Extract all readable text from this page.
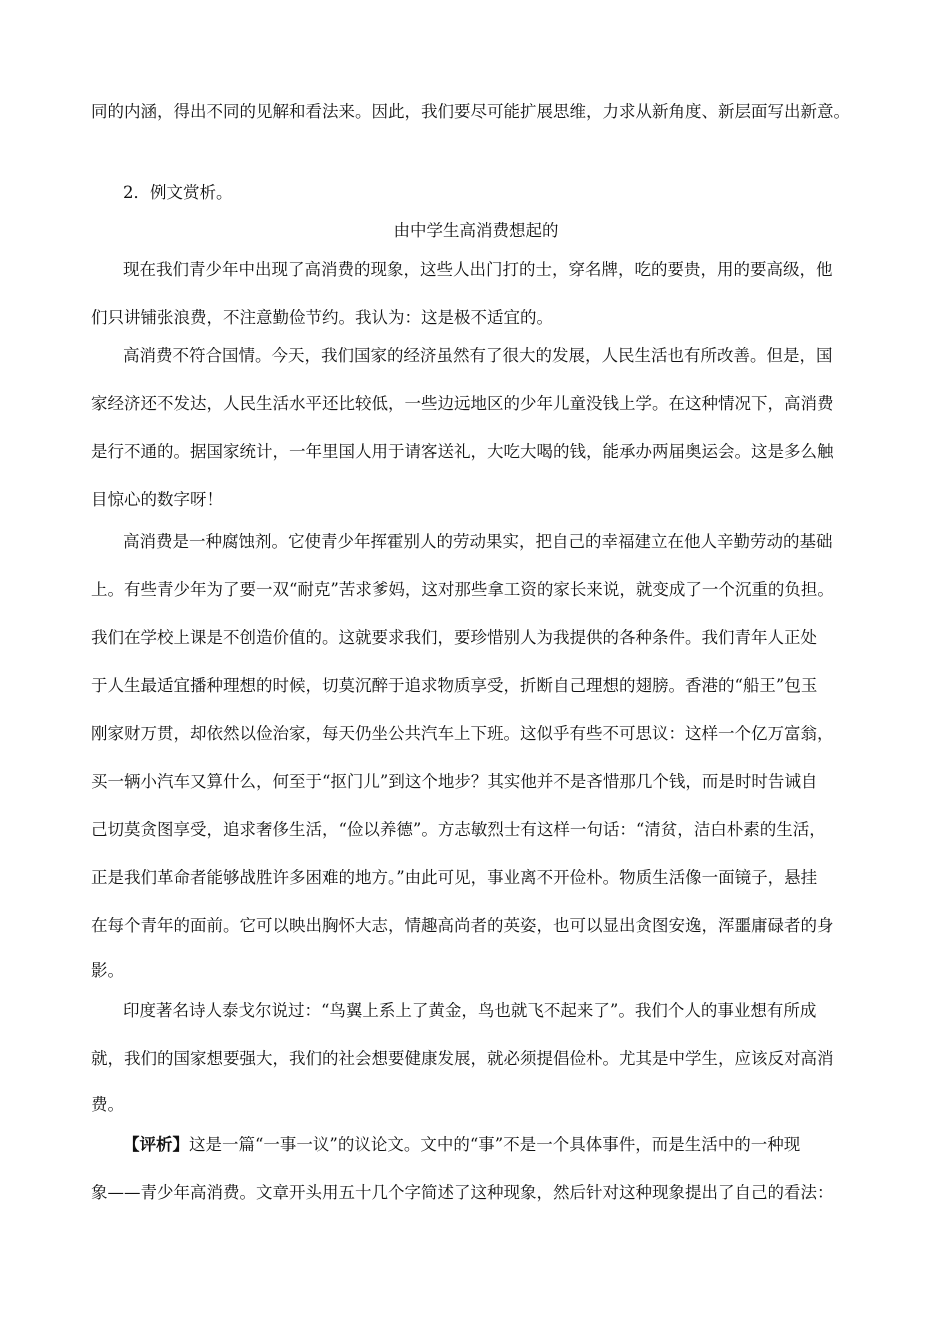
同的内涵，得出不同的见解和看法来。因此，我们要尽可能扩展思维，力求从新角度、新层面写出新意。
2．例文赏析。
由中学生高消费想起的
现在我们青少年中出现了高消费的现象，这些人出门打的士，穿名牌，吃的要贵，用的要高级，他
们只讲铺张浪费，不注意勤俭节约。我认为：这是极不适宜的。
高消费不符合国情。今天，我们国家的经济虽然有了很大的发展，人民生活也有所改善。但是，国
家经济还不发达，人民生活水平还比较低，一些边远地区的少年儿童没钱上学。在这种情况下，高消费
是行不通的。据国家统计，一年里国人用于请客送礼，大吃大喝的钱，能承办两届奥运会。这是多么触
目惊心的数字呀！
高消费是一种腐蚀剂。它使青少年挥霍别人的劳动果实，把自己的幸福建立在他人辛勤劳动的基础
上。有些青少年为了要一双“耐克”苦求爹妈，这对那些拿工资的家长来说，就变成了一个沉重的负担。
我们在学校上课是不创造价值的。这就要求我们，要珍惜别人为我提供的各种条件。我们青年人正处
于人生最适宜播种理想的时候，切莫沉醉于追求物质享受，折断自己理想的翅膀。香港的“船王”包玉
刚家财万贯，却依然以俭治家，每天仍坐公共汽车上下班。这似乎有些不可思议：这样一个亿万富翁，
买一辆小汽车又算什么，何至于“抠门儿”到这个地步？其实他并不是吝惜那几个钱，而是时时告诫自
己切莫贪图享受，追求奢侈生活，“俭以养德”。方志敏烈士有这样一句话：“清贫，洁白朴素的生活，
正是我们革命者能够战胜许多困难的地方。”由此可见，事业离不开俭朴。物质生活像一面镜子，悬挂
在每个青年的面前。它可以映出胸怀大志，情趣高尚者的英姿，也可以显出贪图安逸，浑噩庸碌者的身
影。
印度著名诗人泰戈尔说过：“鸟翼上系上了黄金，鸟也就飞不起来了”。我们个人的事业想有所成
就，我们的国家想要强大，我们的社会想要健康发展，就必须提倡俭朴。尤其是中学生，应该反对高消
费。
【评析】这是一篇“一事一议”的议论文。文中的“事”不是一个具体事件，而是生活中的一种现
象——青少年高消费。文章开头用五十几个字简述了这种现象，然后针对这种现象提出了自己的看法：
